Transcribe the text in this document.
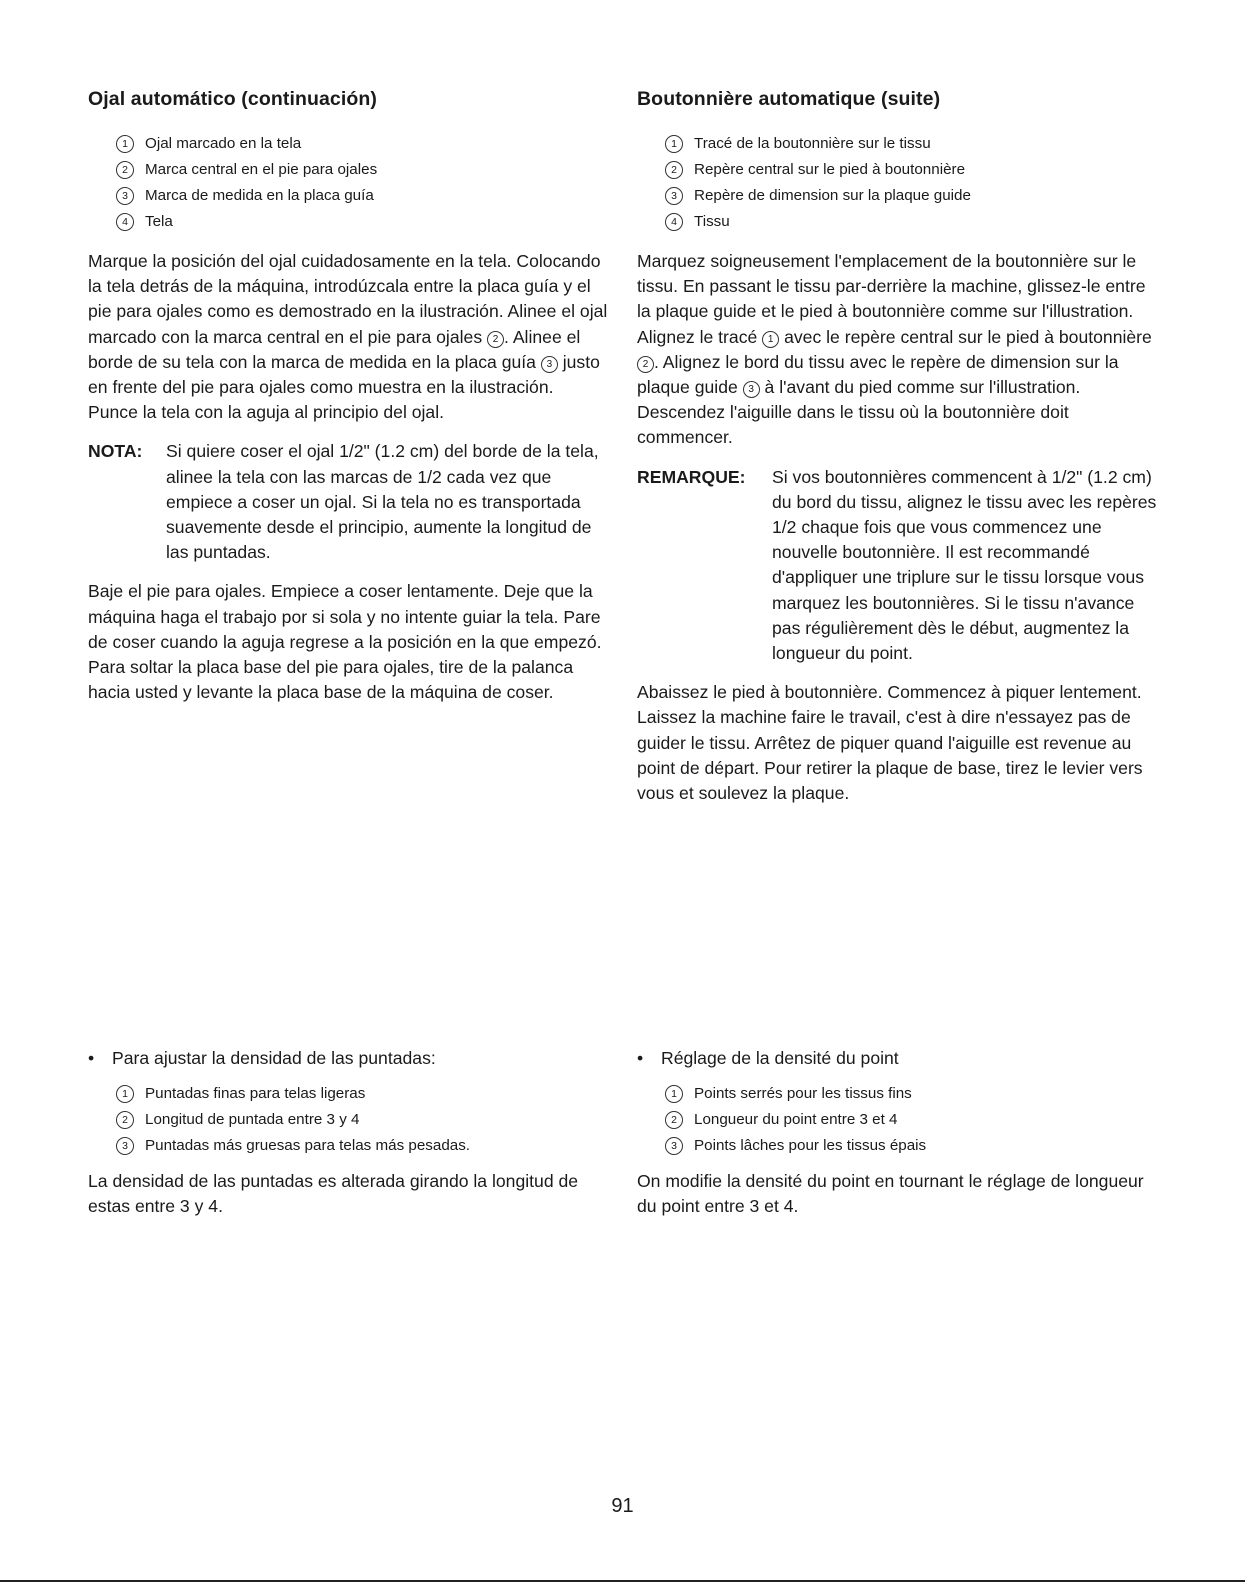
Ojal automático (continuación)
1	Ojal marcado en la tela
2	Marca central en el pie para ojales
3	Marca de medida en la placa guía
4	Tela

Marque la posición del ojal cuidadosamente en la tela. Colocando la tela detrás de la máquina, introdúzcala entre la placa guía y el pie para ojales como es demostrado en la ilustración. Alinee el ojal marcado con la marca central en el pie para ojales 2 . Alinee el borde de su tela con la marca de medida en la placa guía 3 justo en frente del pie para ojales como muestra en la ilustración. Punce la tela con la aguja al principio del ojal.

NOTA:	Si quiere coser el ojal 1/2" (1.2 cm) del borde de la tela, alinee la tela con las marcas de 1/2 cada vez que empiece a coser un ojal. Si la tela no es transportada suavemente desde el principio, aumente la longitud de las puntadas.

Baje el pie para ojales. Empiece a coser lentamente. Deje que la máquina haga el trabajo por si sola y no intente guiar la tela. Pare de coser cuando la aguja regrese a la posición en la que empezó. Para soltar la placa base del pie para ojales, tire de la palanca hacia usted y levante la placa base de la máquina de coser.

Boutonnière automatique (suite)
1	Tracé de la boutonnière sur le tissu
2	Repère central sur le pied à boutonnière
3	Repère de dimension sur la plaque guide
4	Tissu

Marquez soigneusement l'emplacement de la boutonnière sur le tissu. En passant le tissu par-derrière la machine, glissez-le entre la plaque guide et le pied à boutonnière comme sur l'illustration. Alignez le tracé 1 avec le repère central sur le pied à boutonnière 2 . Alignez le bord du tissu avec le repère de dimension sur la plaque guide 3 à l'avant du pied comme sur l'illustration. Descendez l'aiguille dans le tissu où la boutonnière doit commencer.

REMARQUE:	Si vos boutonnières commencent à 1/2" (1.2 cm) du bord du tissu, alignez le tissu avec les repères 1/2 chaque fois que vous commencez une nouvelle boutonnière. Il est recommandé d'appliquer une triplure sur le tissu lorsque vous marquez les boutonnières. Si le tissu n'avance pas régulièrement dès le début, augmentez la longueur du point.

Abaissez le pied à boutonnière. Commencez à piquer lentement. Laissez la machine faire le travail, c'est à dire n'essayez pas de guider le tissu. Arrêtez de piquer quand l'aiguille est revenue au point de départ. Pour retirer la plaque de base, tirez le levier vers vous et soulevez la plaque.

•	Para ajustar la densidad de las puntadas:
1	Puntadas finas para telas ligeras
2	Longitud de puntada entre 3 y 4
3	Puntadas más gruesas para telas más pesadas.

La densidad de las puntadas es alterada girando la longitud de estas entre 3 y 4.

•	Réglage de la densité du point
1	Points serrés pour les tissus fins
2	Longueur du point entre 3 et 4
3	Points lâches pour les tissus épais

On modifie la densité du point en tournant le réglage de longueur du point entre 3 et 4.

91
